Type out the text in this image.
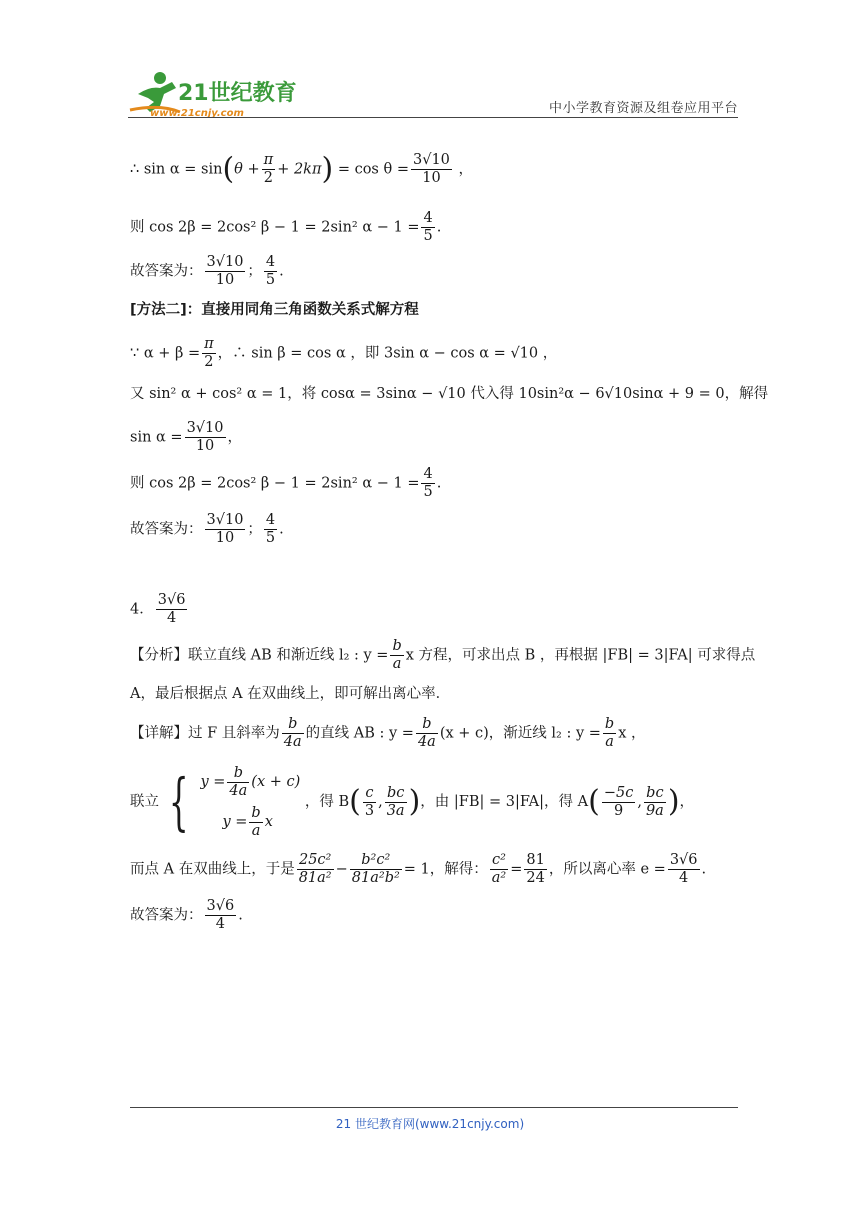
21世纪教育
www.21cnjy.com	中小学教育资源及组卷应用平台
∴ $\sin \alpha = \sin(\theta + \frac{\pi}{2} + 2k\pi) = \cos \theta = \frac{3√10}{10}$ ，
则 cos 2β = 2cos² β − 1 = 2sin² $\alpha - 1 = \frac{4}{5}$ .
故答案为： $\frac{3√10}{10}$ ； $\frac{4}{5}$ .
[方法二]：直接用同角三角函数关系式解方程
∵ $\alpha + \beta = \frac{\pi}{2}$ ，∴ sin β = cos α ，即 3sin α − cos α = √10 ，
又 sin² α + cos² α = 1，将 cosα = 3sinα − √10 代入得 10sin²α − 6√10sinα + 9 = 0，解得
$\sin \alpha = \frac{3√10}{10}$ ，
则 cos 2β = 2cos² β − 1 = 2sin² $\alpha - 1 = \frac{4}{5}$ .
故答案为： $\frac{3√10}{10}$ ； $\frac{4}{5}$ .
4． $\frac{3√6}{4}$
【分析】联立直线 AB 和渐近线 l₂ : $y = \frac{b}{a}$ x 方程，可求出点 B ，再根据 |FB| = 3|FA| 可求得点
A，最后根据点 A 在双曲线上，即可解出离心率．
【详解】过 F 且斜率为 $\frac{b}{4a}$ 的直线 AB : $y = \frac{b}{4a} (x + c)$，渐近线 l₂ : $y = \frac{b}{a}$ x ，
联立 { $y = \frac{b}{4a} (x + c)$
$y = \frac{b}{a}$ x
，得 $B( \frac{c}{3}$ , $\frac{bc}{3a}$ )，由 |FB| = 3|FA|，得 $A( \frac{-5c}{9}$ , $\frac{bc}{9a}$ )，
而点 A 在双曲线上，于是 $\frac{\text{25c²}}{\text{81a²}} - \frac{\text{b²c²}}{\text{81a²b²}} = 1$，解得： $\frac{\text{c²}}{\text{a²}} = \frac{81}{24}$ ，所以离心率 $e = \frac{3√6}{4}$ .
故答案为： $\frac{3√6}{4}$ .
21 世纪教育网(www.21cnjy.com)
